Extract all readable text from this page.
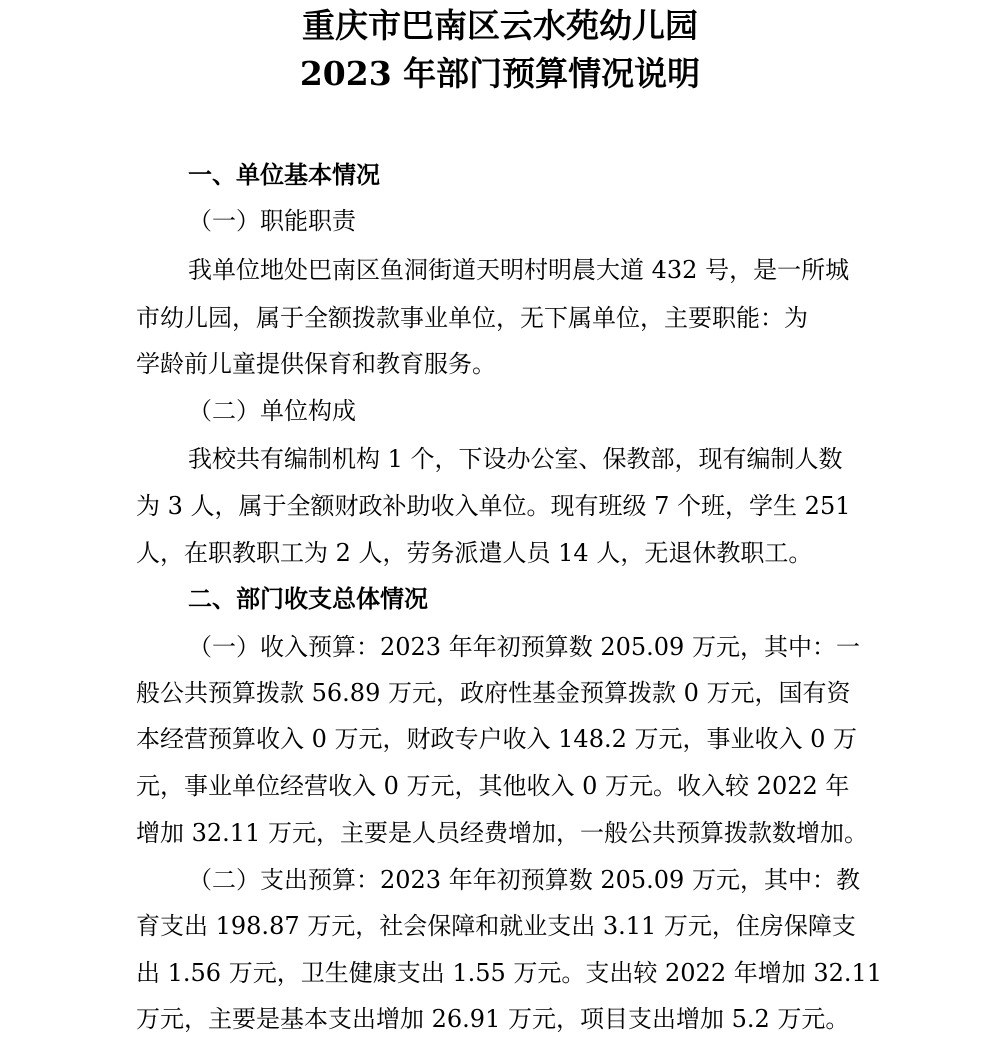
重庆市巴南区云水苑幼儿园
2023 年部门预算情况说明
一、单位基本情况
（一）职能职责
我单位地处巴南区鱼洞街道天明村明晨大道 432 号，是一所城
市幼儿园，属于全额拨款事业单位，无下属单位，主要职能：为
学龄前儿童提供保育和教育服务。
（二）单位构成
我校共有编制机构 1 个，下设办公室、保教部，现有编制人数
为 3 人，属于全额财政补助收入单位。现有班级 7 个班，学生 251
人，在职教职工为 2 人，劳务派遣人员 14 人，无退休教职工。
二、部门收支总体情况
（一）收入预算：2023 年年初预算数 205.09 万元，其中：一
般公共预算拨款 56.89 万元，政府性基金预算拨款 0 万元，国有资
本经营预算收入 0 万元，财政专户收入 148.2 万元，事业收入 0 万
元，事业单位经营收入 0 万元，其他收入 0 万元。收入较 2022 年
增加 32.11 万元，主要是人员经费增加，一般公共预算拨款数增加。
（二）支出预算：2023 年年初预算数 205.09 万元，其中：教
育支出 198.87 万元，社会保障和就业支出 3.11 万元，住房保障支
出 1.56 万元，卫生健康支出 1.55 万元。支出较 2022 年增加 32.11
万元，主要是基本支出增加 26.91 万元，项目支出增加 5.2 万元。
